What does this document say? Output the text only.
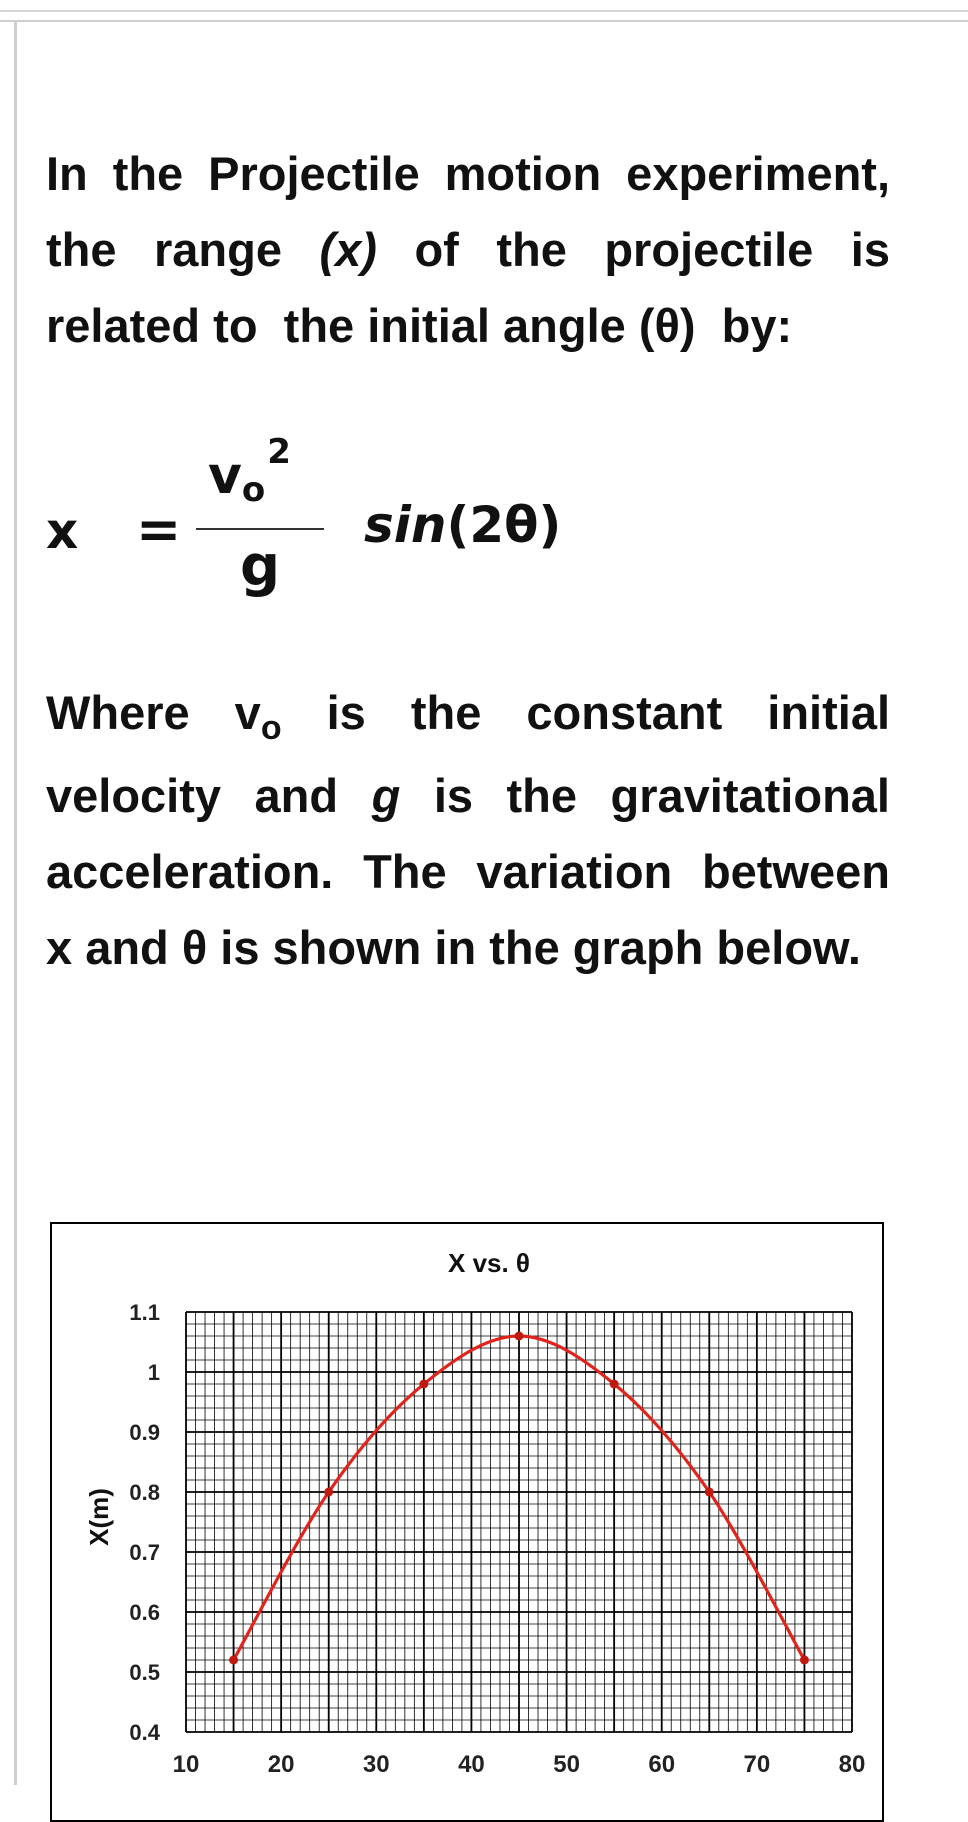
In the Projectile motion experiment,
the range (x) of the projectile is
related to  the initial angle (θ)  by:
x =
$vo^2$
g
sin(2θ)
Where $v_o$ is the constant initial
velocity and g is the gravitational
acceleration. The variation between
x and θ is shown in the graph below.
X vs. θ
X(m)
10	20	30	40	50	60	70	80
1.1
1
0.9
0.8
0.7
0.6
0.5
0.4
